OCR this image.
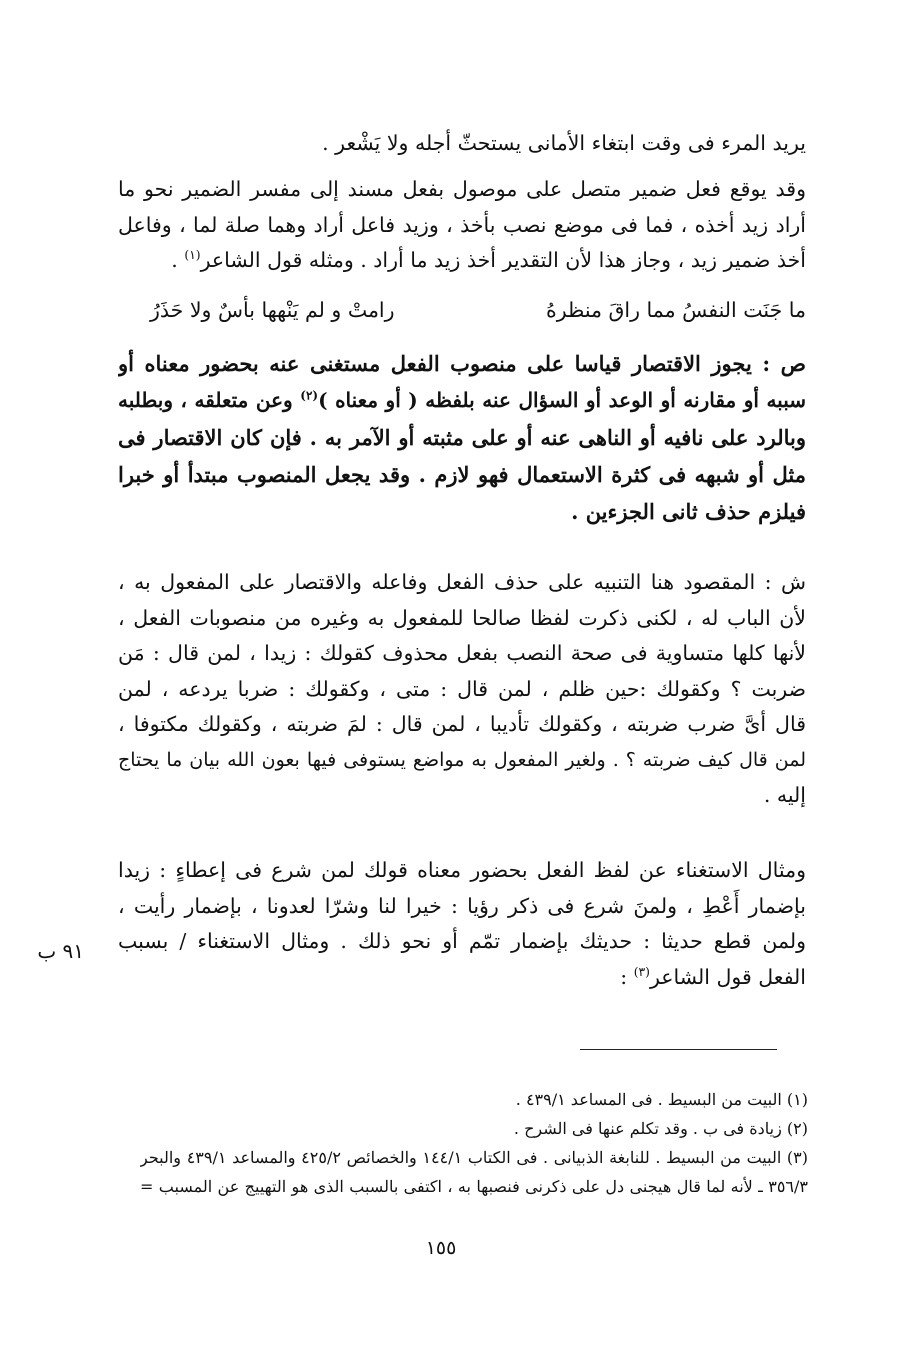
يريد المرء فى وقت ابتغاء الأمانى يستحثّ أجله ولا يَشْعر .
وقد يوقع فعل ضمير متصل على موصول بفعل مسند إلى مفسر الضمير نحو ما
أراد زيد أخذه ، فما فى موضع نصب بأخذ ، وزيد فاعل أراد وهما صلة لما ، وفاعل
أخذ ضمير زيد ، وجاز هذا لأن التقدير أخذ زيد ما أراد . ومثله قول الشاعر$^{(١)}$ .
ما جَنَت النفسُ مما راقَ منظرهُ
رامتْ و لم يَنْهها بأسٌ ولا حَذَرُ
ص : يجوز الاقتصار قياسا على منصوب الفعل مستغنى عنه بحضور معناه أو
سببه أو مقارنه أو الوعد أو السؤال عنه بلفظه ( أو معناه )$^{(٢)}$ وعن متعلقه ، وبطلبه
وبالرد على نافيه أو الناهى عنه أو على مثبته أو الآمر به . فإن كان الاقتصار فى
مثل أو شبهه فى كثرة الاستعمال فهو لازم . وقد يجعل المنصوب مبتدأ أو خبرا
فيلزم حذف ثانى الجزءين .
ش : المقصود هنا التنبيه على حذف الفعل وفاعله والاقتصار على المفعول به ،
لأن الباب له ، لكنى ذكرت لفظا صالحا للمفعول به وغيره من منصوبات الفعل ،
لأنها كلها متساوية فى صحة النصب بفعل محذوف كقولك : زيدا ، لمن قال : مَن
ضربت ؟ وكقولك :حين ظلم ، لمن قال : متى ، وكقولك : ضربا يردعه ، لمن
قال أىَّ ضرب ضربته ، وكقولك تأديبا ، لمن قال : لمَ ضربته ، وكقولك مكتوفا ،
لمن قال كيف ضربته ؟ . ولغير المفعول به مواضع يستوفى فيها بعون الله بيان ما يحتاج
إليه .
ومثال الاستغناء عن لفظ الفعل بحضور معناه قولك لمن شرع فى إعطاءٍ : زيدا
بإضمار أَعْطِ ، ولمنَ شرع فى ذكر رؤيا : خيرا لنا وشرّا لعدونا ، بإضمار رأيت ،
ولمن قطع حديثا : حديثك بإضمار تمّم أو نحو ذلك . ومثال الاستغناء / بسبب
الفعل قول الشاعر$^{(٣)}$ :
٩١ ب
(١) البيت من البسيط . فى المساعد ٤٣٩/١ .
(٢) زيادة فى ب . وقد تكلم عنها فى الشرح .
(٣) البيت من البسيط . للنابغة الذبيانى . فى الكتاب ١٤٤/١ والخصائص ٤٢٥/٢ والمساعد ٤٣٩/١ والبحر
٣٥٦/٣ ـ لأنه لما قال هيجنى دل على ذكرنى فنصبها به ، اكتفى بالسبب الذى هو التهييج عن المسبب =
١٥٥
